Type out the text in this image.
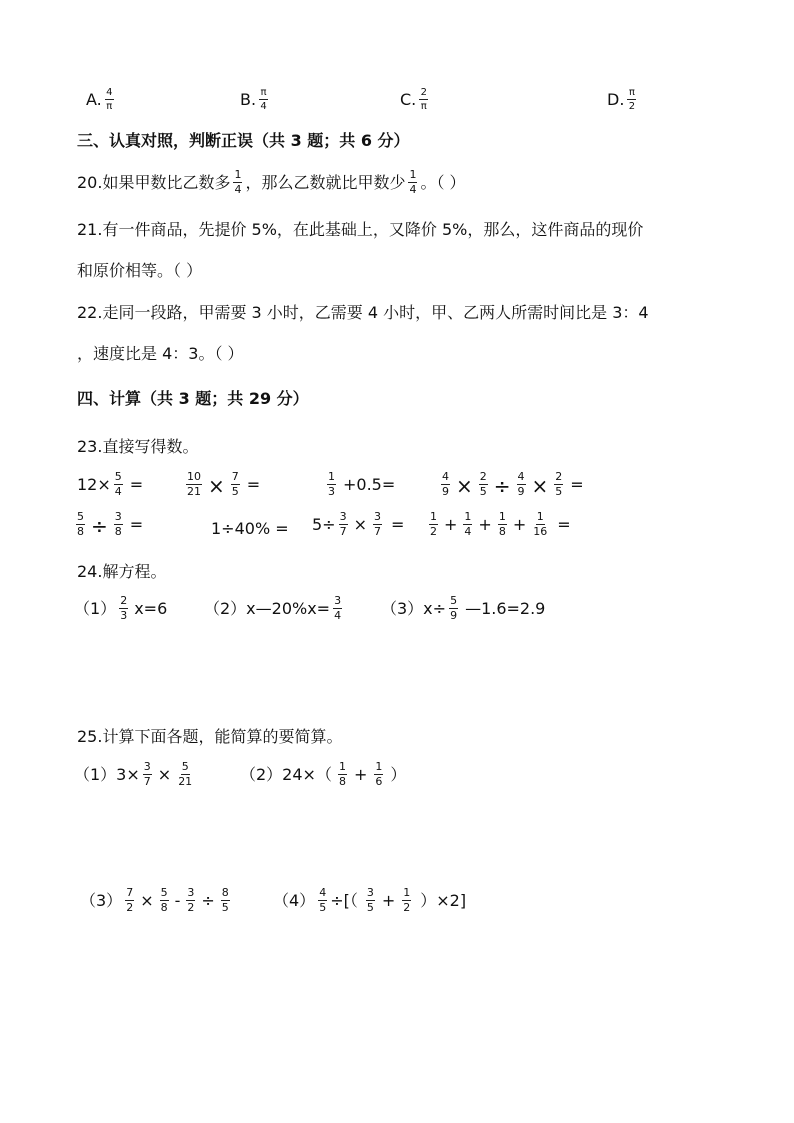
A. $\frac{4}{\pi}$	B. $\frac{\pi}{4}$	C. $\frac{2}{\pi}$	D. $\frac{\pi}{2}$
三、认真对照，判断正误（共 3 题；共 6 分）
20.如果甲数比乙数多 $\frac{1}{4}$ ，那么乙数就比甲数少 $\frac{1}{4}$ 。（ ）
21.有一件商品，先提价 5%，在此基础上，又降价 5%，那么，这件商品的现价
和原价相等。（ ）
22.走同一段路，甲需要 3 小时，乙需要 4 小时，甲、乙两人所需时间比是 3：4
，速度比是 4：3。（ ）
四、计算（共 3 题；共 29 分）
23.直接写得数。
$12\times \frac{5}{4}$ =	$\frac{10}{21} \times \frac{7}{5}$ =	$\frac{1}{3} +0.5=$	$\frac{4}{9} \times \frac{2}{5} \div \frac{4}{9} \times \frac{2}{5}$ =
$\frac{5}{8} \div \frac{3}{8}$ =	$1\div 40\% = 5\div \frac{3}{7} \times \frac{3}{7} = \frac{1}{2} + \frac{1}{4} + \frac{1}{8} + \frac{1}{16}$ =
24.解方程。
$(1) \frac{2}{3} x=6$ （2）x—20%x= $\frac{3}{4} (3)x\div \frac{5}{9}$ —1.6=2.9
25.计算下面各题，能简算的要简算。
$(1)3\times \frac{3}{7} \times \frac{5}{21}$	$(2)24\times( \frac{1}{8} + \frac{1}{6}$ ）
$(3) \frac{7}{2} \times \frac{5}{8} - \frac{3}{2} \div \frac{8}{5}$	$(4) \frac{4}{5}$ ÷[（ $\frac{3}{5} + \frac{1}{2} )\times 2$]
